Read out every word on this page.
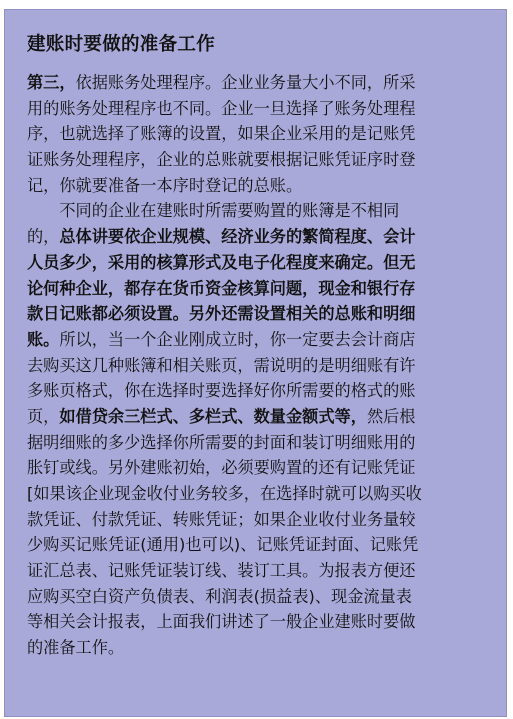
建账时要做的准备工作
第三，依据账务处理程序。企业业务量大小不同，所采
用的账务处理程序也不同。企业一旦选择了账务处理程
序，也就选择了账簿的设置，如果企业采用的是记账凭
证账务处理程序，企业的总账就要根据记账凭证序时登
记，你就要准备一本序时登记的总账。
　　不同的企业在建账时所需要购置的账簿是不相同
的，总体讲要依企业规模、经济业务的繁简程度、会计
人员多少，采用的核算形式及电子化程度来确定。但无
论何种企业，都存在货币资金核算问题，现金和银行存
款日记账都必须设置。另外还需设置相关的总账和明细
账。所以，当一个企业刚成立时，你一定要去会计商店
去购买这几种账簿和相关账页，需说明的是明细账有许
多账页格式，你在选择时要选择好你所需要的格式的账
页，如借贷余三栏式、多栏式、数量金额式等，然后根
据明细账的多少选择你所需要的封面和装订明细账用的
胀钉或线。另外建账初始，必须要购置的还有记账凭证
[如果该企业现金收付业务较多，在选择时就可以购买收
款凭证、付款凭证、转账凭证；如果企业收付业务量较
少购买记账凭证(通用)也可以)、记账凭证封面、记账凭
证汇总表、记账凭证装订线、装订工具。为报表方便还
应购买空白资产负债表、利润表(损益表)、现金流量表
等相关会计报表，上面我们讲述了一般企业建账时要做
的准备工作。
